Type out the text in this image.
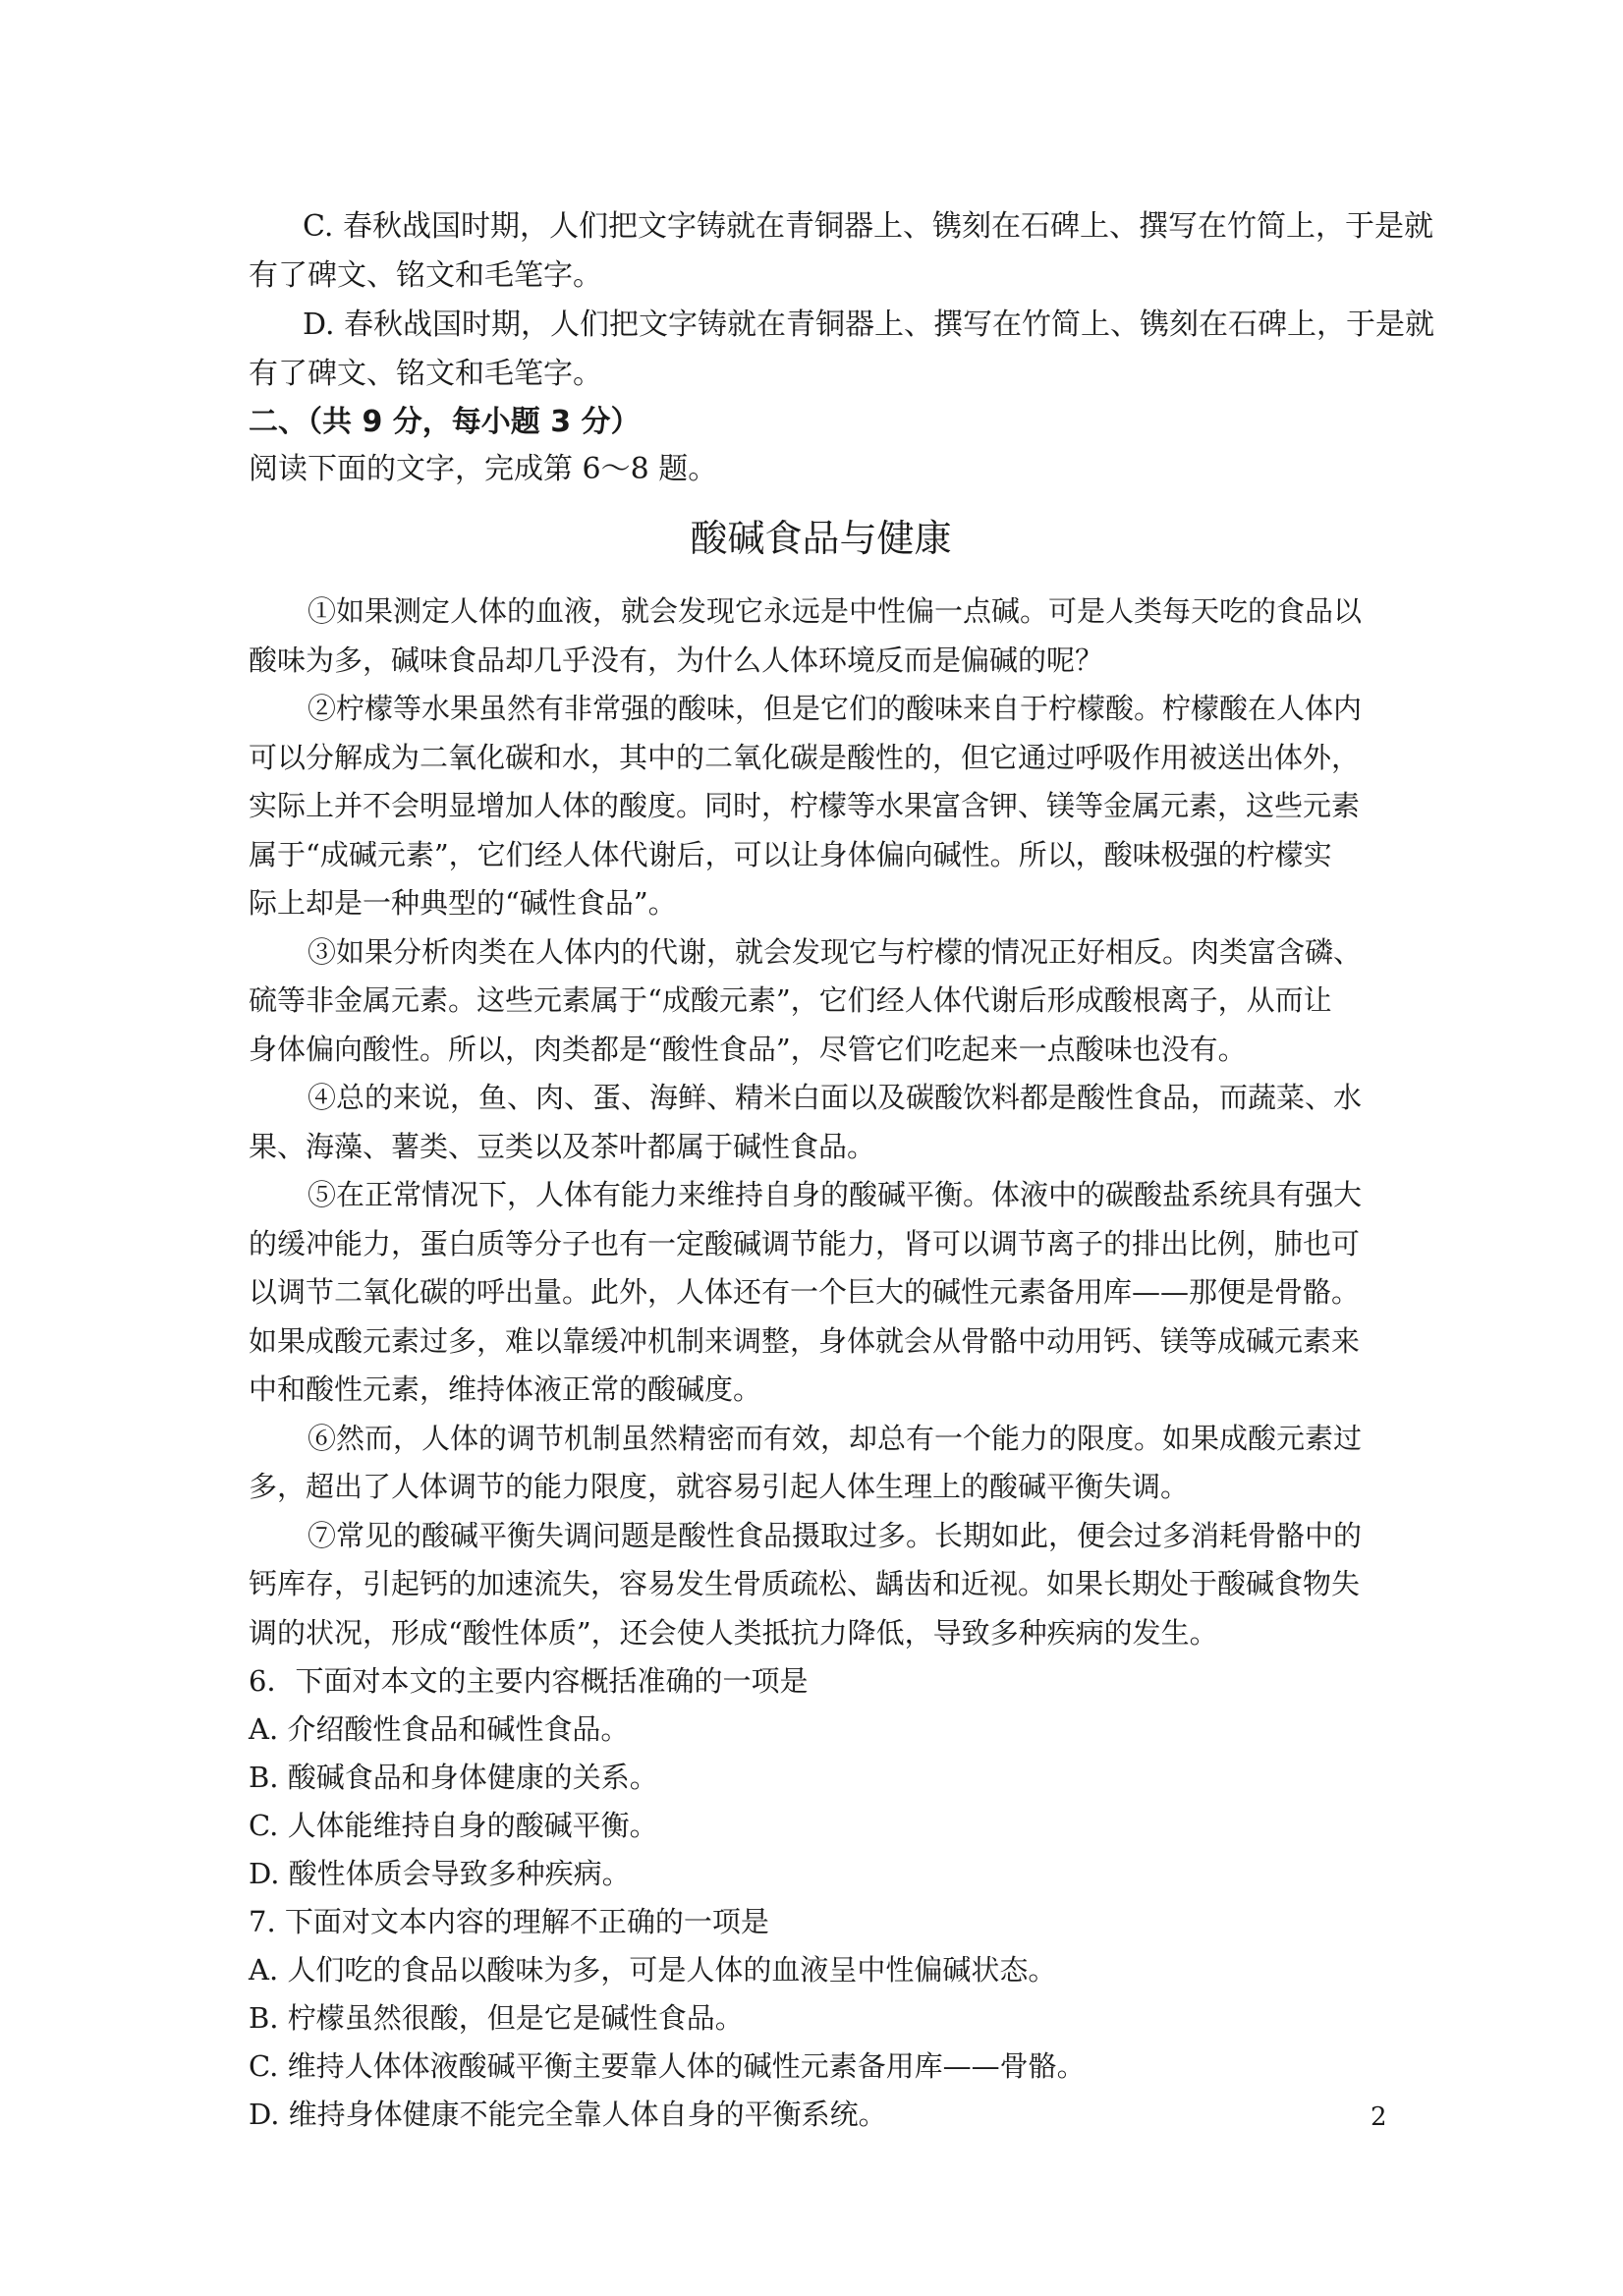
C. 春秋战国时期，人们把文字铸就在青铜器上、镌刻在石碑上、撰写在竹简上，于是就
有了碑文、铭文和毛笔字。
D. 春秋战国时期，人们把文字铸就在青铜器上、撰写在竹简上、镌刻在石碑上，于是就
有了碑文、铭文和毛笔字。

二、（共 9 分，每小题 3 分）

阅读下面的文字，完成第 6～8 题。

酸碱食品与健康
①如果测定人体的血液，就会发现它永远是中性偏一点碱。可是人类每天吃的食品以
酸味为多，碱味食品却几乎没有，为什么人体环境反而是偏碱的呢？
②柠檬等水果虽然有非常强的酸味，但是它们的酸味来自于柠檬酸。柠檬酸在人体内
可以分解成为二氧化碳和水，其中的二氧化碳是酸性的，但它通过呼吸作用被送出体外，
实际上并不会明显增加人体的酸度。同时，柠檬等水果富含钾、镁等金属元素，这些元素
属于“成碱元素”，它们经人体代谢后，可以让身体偏向碱性。所以，酸味极强的柠檬实
际上却是一种典型的“碱性食品”。
③如果分析肉类在人体内的代谢，就会发现它与柠檬的情况正好相反。肉类富含磷、
硫等非金属元素。这些元素属于“成酸元素”，它们经人体代谢后形成酸根离子，从而让
身体偏向酸性。所以，肉类都是“酸性食品”，尽管它们吃起来一点酸味也没有。
④总的来说，鱼、肉、蛋、海鲜、精米白面以及碳酸饮料都是酸性食品，而蔬菜、水
果、海藻、薯类、豆类以及茶叶都属于碱性食品。
⑤在正常情况下，人体有能力来维持自身的酸碱平衡。体液中的碳酸盐系统具有强大
的缓冲能力，蛋白质等分子也有一定酸碱调节能力，肾可以调节离子的排出比例，肺也可
以调节二氧化碳的呼出量。此外，人体还有一个巨大的碱性元素备用库——那便是骨骼。
如果成酸元素过多，难以靠缓冲机制来调整，身体就会从骨骼中动用钙、镁等成碱元素来
中和酸性元素，维持体液正常的酸碱度。
⑥然而，人体的调节机制虽然精密而有效，却总有一个能力的限度。如果成酸元素过
多，超出了人体调节的能力限度，就容易引起人体生理上的酸碱平衡失调。
⑦常见的酸碱平衡失调问题是酸性食品摄取过多。长期如此，便会过多消耗骨骼中的
钙库存，引起钙的加速流失，容易发生骨质疏松、龋齿和近视。如果长期处于酸碱食物失
调的状况，形成“酸性体质”，还会使人类抵抗力降低，导致多种疾病的发生。

6．下面对本文的主要内容概括准确的一项是

A. 介绍酸性食品和碱性食品。

B. 酸碱食品和身体健康的关系。

C. 人体能维持自身的酸碱平衡。

D. 酸性体质会导致多种疾病。

7. 下面对文本内容的理解不正确的一项是

A. 人们吃的食品以酸味为多，可是人体的血液呈中性偏碱状态。

B. 柠檬虽然很酸，但是它是碱性食品。

C. 维持人体体液酸碱平衡主要靠人体的碱性元素备用库——骨骼。

D. 维持身体健康不能完全靠人体自身的平衡系统。	2
